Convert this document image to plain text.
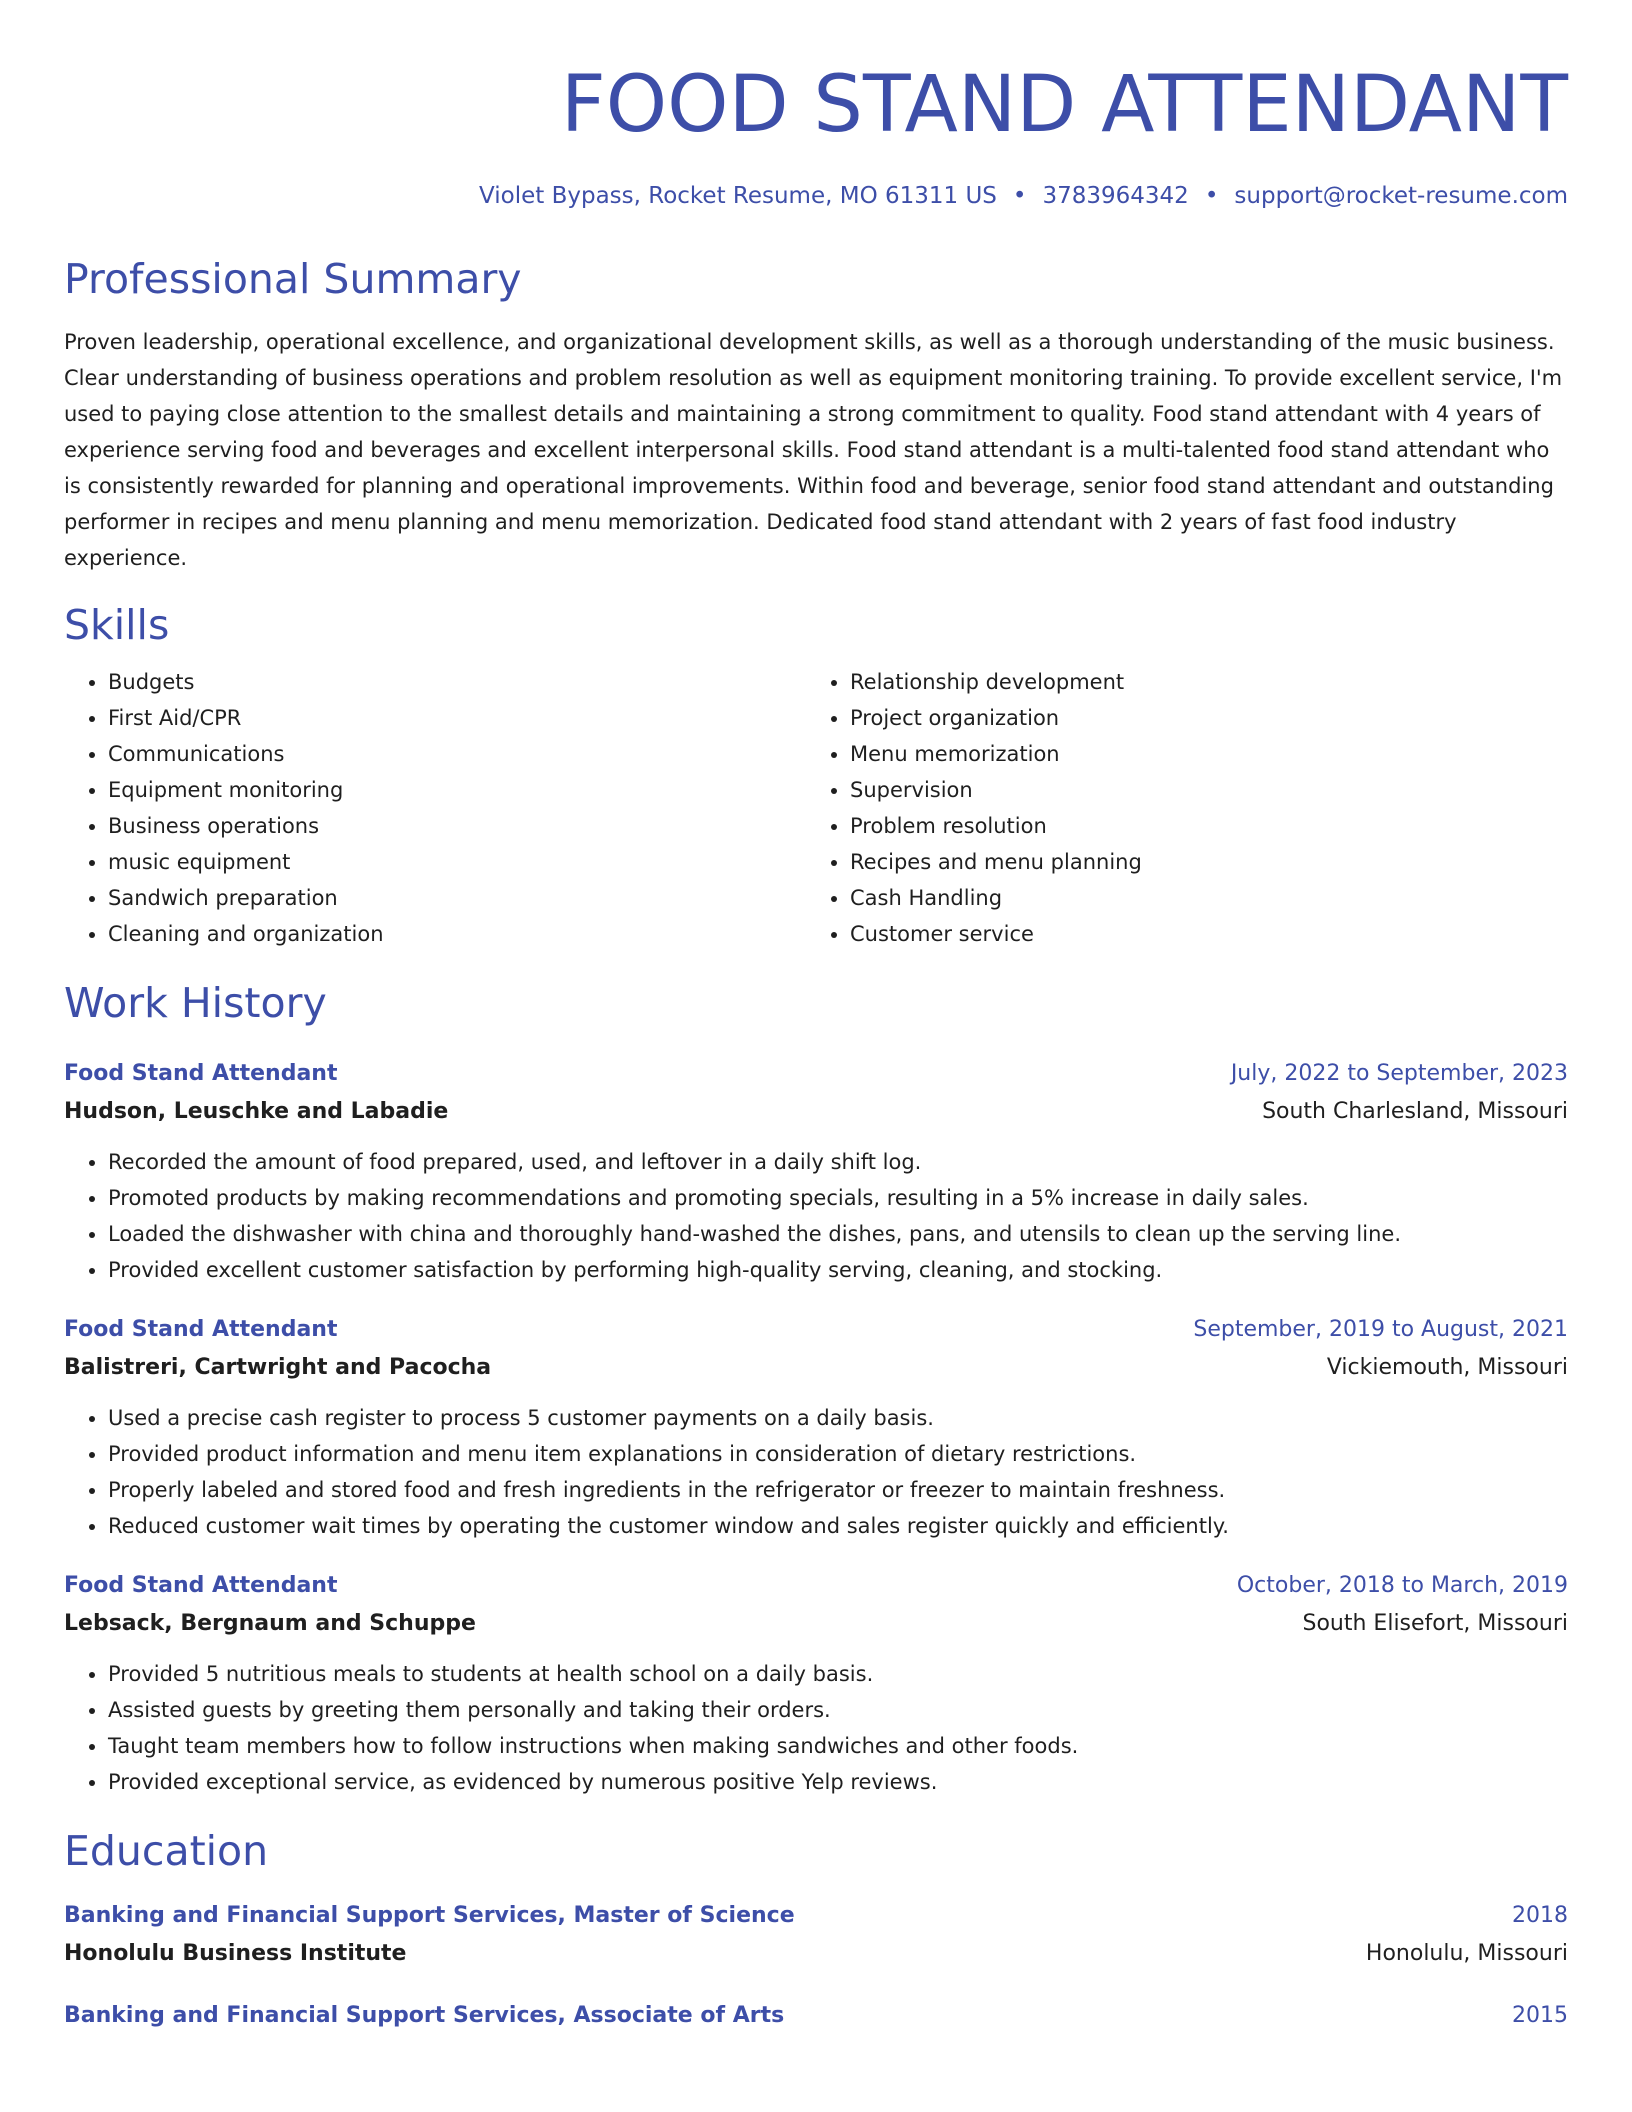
FOOD STAND ATTENDANT
Violet Bypass, Rocket Resume, MO 61311 US • 3783964342 • support@rocket-resume.com
Professional Summary
Proven leadership, operational excellence, and organizational development skills, as well as a thorough understanding of the music business. Clear understanding of business operations and problem resolution as well as equipment monitoring training. To provide excellent service, I'm used to paying close attention to the smallest details and maintaining a strong commitment to quality. Food stand attendant with 4 years of experience serving food and beverages and excellent interpersonal skills. Food stand attendant is a multi-talented food stand attendant who is consistently rewarded for planning and operational improvements. Within food and beverage, senior food stand attendant and outstanding performer in recipes and menu planning and menu memorization. Dedicated food stand attendant with 2 years of fast food industry experience.
Skills
• Budgets
• First Aid/CPR
• Communications
• Equipment monitoring
• Business operations
• music equipment
• Sandwich preparation
• Cleaning and organization
• Relationship development
• Project organization
• Menu memorization
• Supervision
• Problem resolution
• Recipes and menu planning
• Cash Handling
• Customer service
Work History
Food Stand Attendant	July, 2022 to September, 2023
Hudson, Leuschke and Labadie	South Charlesland, Missouri
• Recorded the amount of food prepared, used, and leftover in a daily shift log.
• Promoted products by making recommendations and promoting specials, resulting in a 5% increase in daily sales.
• Loaded the dishwasher with china and thoroughly hand-washed the dishes, pans, and utensils to clean up the serving line.
• Provided excellent customer satisfaction by performing high-quality serving, cleaning, and stocking.
Food Stand Attendant	September, 2019 to August, 2021
Balistreri, Cartwright and Pacocha	Vickiemouth, Missouri
• Used a precise cash register to process 5 customer payments on a daily basis.
• Provided product information and menu item explanations in consideration of dietary restrictions.
• Properly labeled and stored food and fresh ingredients in the refrigerator or freezer to maintain freshness.
• Reduced customer wait times by operating the customer window and sales register quickly and efficiently.
Food Stand Attendant	October, 2018 to March, 2019
Lebsack, Bergnaum and Schuppe	South Elisefort, Missouri
• Provided 5 nutritious meals to students at health school on a daily basis.
• Assisted guests by greeting them personally and taking their orders.
• Taught team members how to follow instructions when making sandwiches and other foods.
• Provided exceptional service, as evidenced by numerous positive Yelp reviews.
Education
Banking and Financial Support Services, Master of Science	2018
Honolulu Business Institute	Honolulu, Missouri
Banking and Financial Support Services, Associate of Arts	2015
